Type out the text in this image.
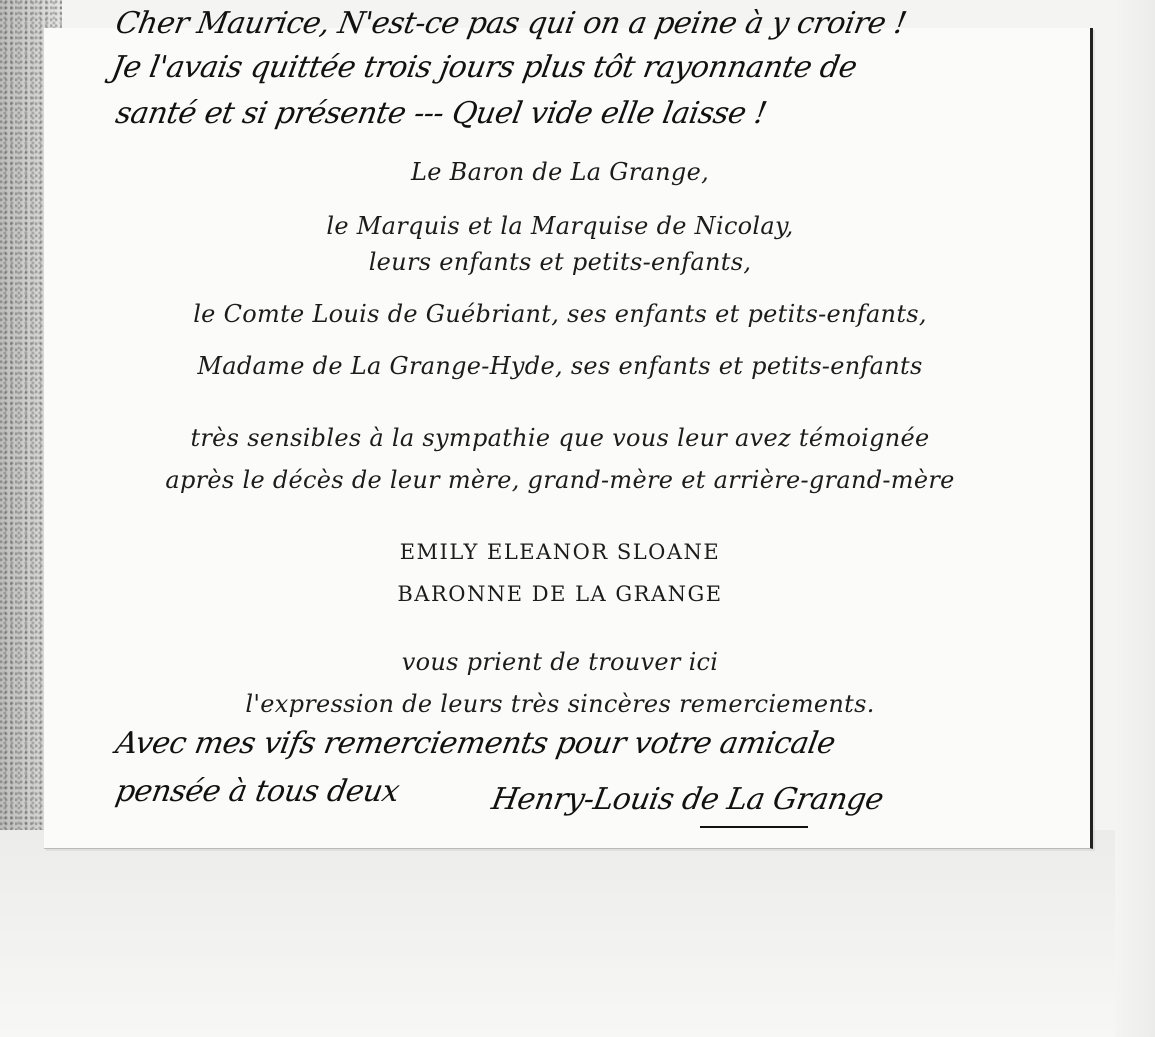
Cher Maurice, N'est-ce pas qui on a peine à y croire !
Je l'avais quittée trois jours plus tôt rayonnante de
santé et si présente --- Quel vide elle laisse !
Le Baron de La Grange,
le Marquis et la Marquise de Nicolay,
leurs enfants et petits-enfants,
le Comte Louis de Guébriant, ses enfants et petits-enfants,
Madame de La Grange-Hyde, ses enfants et petits-enfants
très sensibles à la sympathie que vous leur avez témoignée
après le décès de leur mère, grand-mère et arrière-grand-mère
EMILY ELEANOR SLOANE
BARONNE DE LA GRANGE
vous prient de trouver ici
l'expression de leurs très sincères remerciements.
Avec mes vifs remerciements pour votre amicale
pensée à tous deux	Henry-Louis de La Grange
